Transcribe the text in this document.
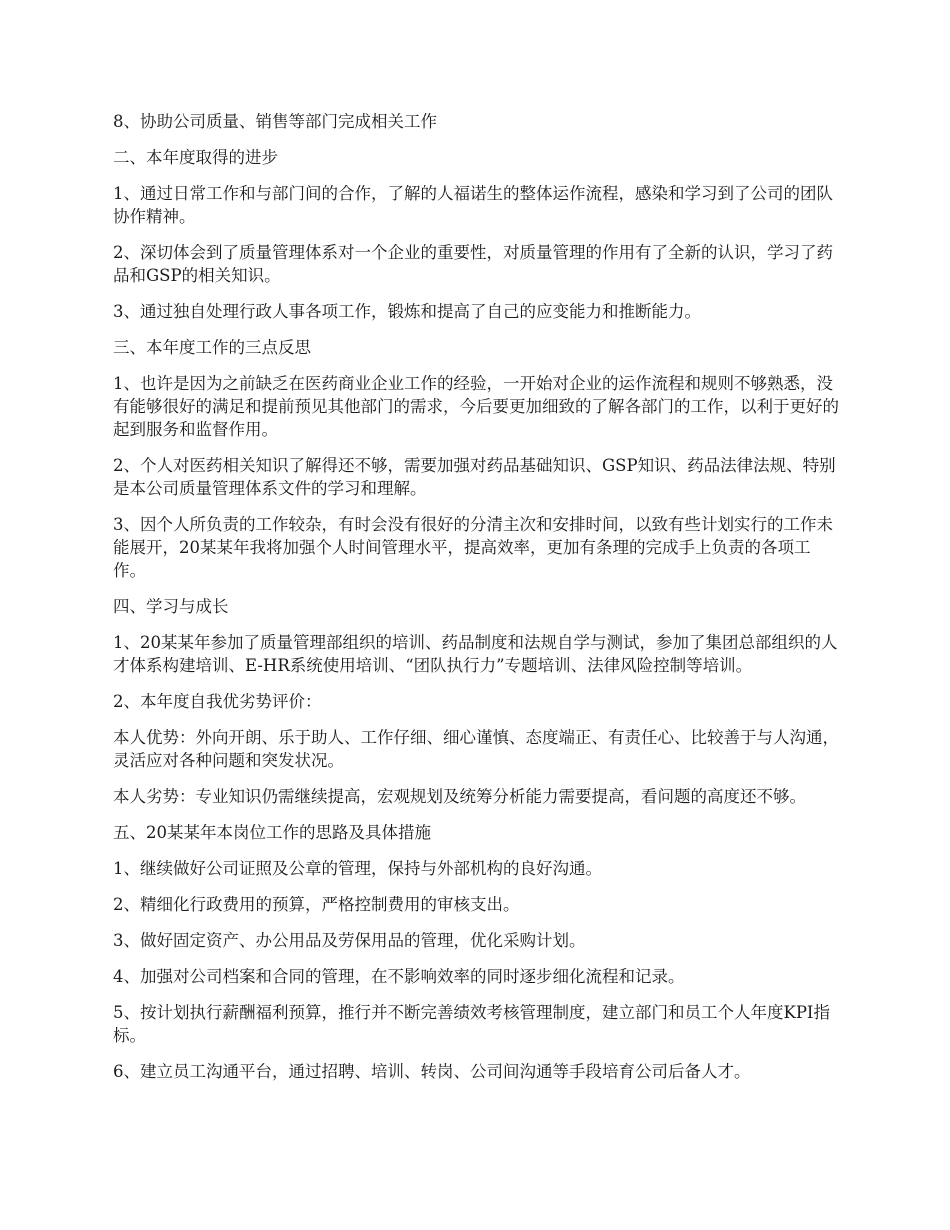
8、协助公司质量、销售等部门完成相关工作

二、本年度取得的进步

1、通过日常工作和与部门间的合作，了解的人福诺生的整体运作流程，感染和学习到了公司的团队协作精神。

2、深切体会到了质量管理体系对一个企业的重要性，对质量管理的作用有了全新的认识，学习了药品和GSP的相关知识。

3、通过独自处理行政人事各项工作，锻炼和提高了自己的应变能力和推断能力。

三、本年度工作的三点反思

1、也许是因为之前缺乏在医药商业企业工作的经验，一开始对企业的运作流程和规则不够熟悉，没有能够很好的满足和提前预见其他部门的需求，今后要更加细致的了解各部门的工作，以利于更好的起到服务和监督作用。

2、个人对医药相关知识了解得还不够，需要加强对药品基础知识、GSP知识、药品法律法规、特别是本公司质量管理体系文件的学习和理解。

3、因个人所负责的工作较杂，有时会没有很好的分清主次和安排时间，以致有些计划实行的工作未能展开，20某某年我将加强个人时间管理水平，提高效率，更加有条理的完成手上负责的各项工作。

四、学习与成长

1、20某某年参加了质量管理部组织的培训、药品制度和法规自学与测试，参加了集团总部组织的人才体系构建培训、E-HR系统使用培训、“团队执行力”专题培训、法律风险控制等培训。

2、本年度自我优劣势评价：

本人优势：外向开朗、乐于助人、工作仔细、细心谨慎、态度端正、有责任心、比较善于与人沟通，灵活应对各种问题和突发状况。

本人劣势：专业知识仍需继续提高，宏观规划及统筹分析能力需要提高，看问题的高度还不够。

五、20某某年本岗位工作的思路及具体措施

1、继续做好公司证照及公章的管理，保持与外部机构的良好沟通。

2、精细化行政费用的预算，严格控制费用的审核支出。

3、做好固定资产、办公用品及劳保用品的管理，优化采购计划。

4、加强对公司档案和合同的管理，在不影响效率的同时逐步细化流程和记录。

5、按计划执行薪酬福利预算，推行并不断完善绩效考核管理制度，建立部门和员工个人年度KPI指标。

6、建立员工沟通平台，通过招聘、培训、转岗、公司间沟通等手段培育公司后备人才。
